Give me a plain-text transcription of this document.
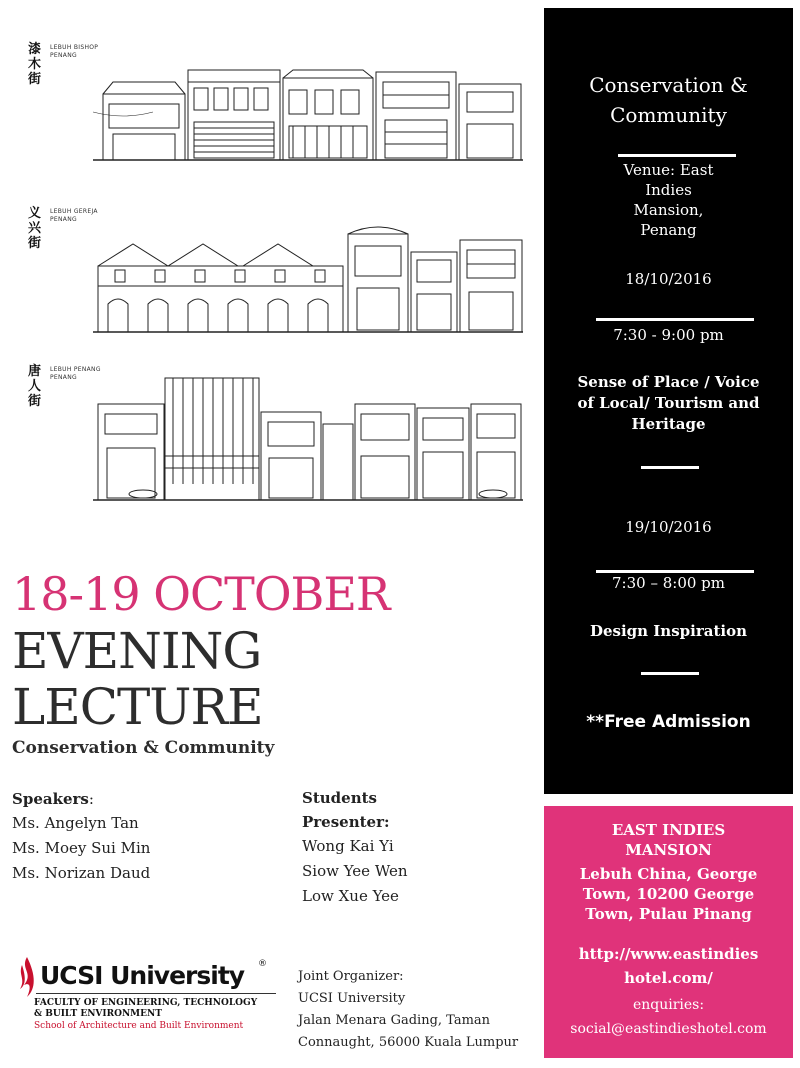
漆
木
街
LEBUH BISHOP
PENANG
义
兴
街
LEBUH GEREJA
PENANG
唐
人
街
LEBUH PENANG
PENANG
18-19 OCTOBER
EVENING
LECTURE
Conservation & Community
Speakers:
Ms. Angelyn Tan
Ms. Moey Sui Min
Ms. Norizan Daud
Students
Presenter:
Wong Kai Yi
Siow Yee Wen
Low Xue Yee
UCSI University ®
FACULTY OF ENGINEERING, TECHNOLOGY
& BUILT ENVIRONMENT
School of Architecture and Built Environment
Joint Organizer:
UCSI University
Jalan Menara Gading, Taman
Connaught, 56000 Kuala Lumpur
Conservation &
Community
Venue: East
Indies
Mansion,
Penang
18/10/2016
7:30 - 9:00 pm
Sense of Place / Voice
of Local/ Tourism and
Heritage
19/10/2016
7:30 – 8:00 pm
Design Inspiration
**Free Admission
EAST INDIES
MANSION
Lebuh China, George
Town, 10200 George
Town, Pulau Pinang
http://www.eastindies
hotel.com/
enquiries:
social@eastindieshotel.com
